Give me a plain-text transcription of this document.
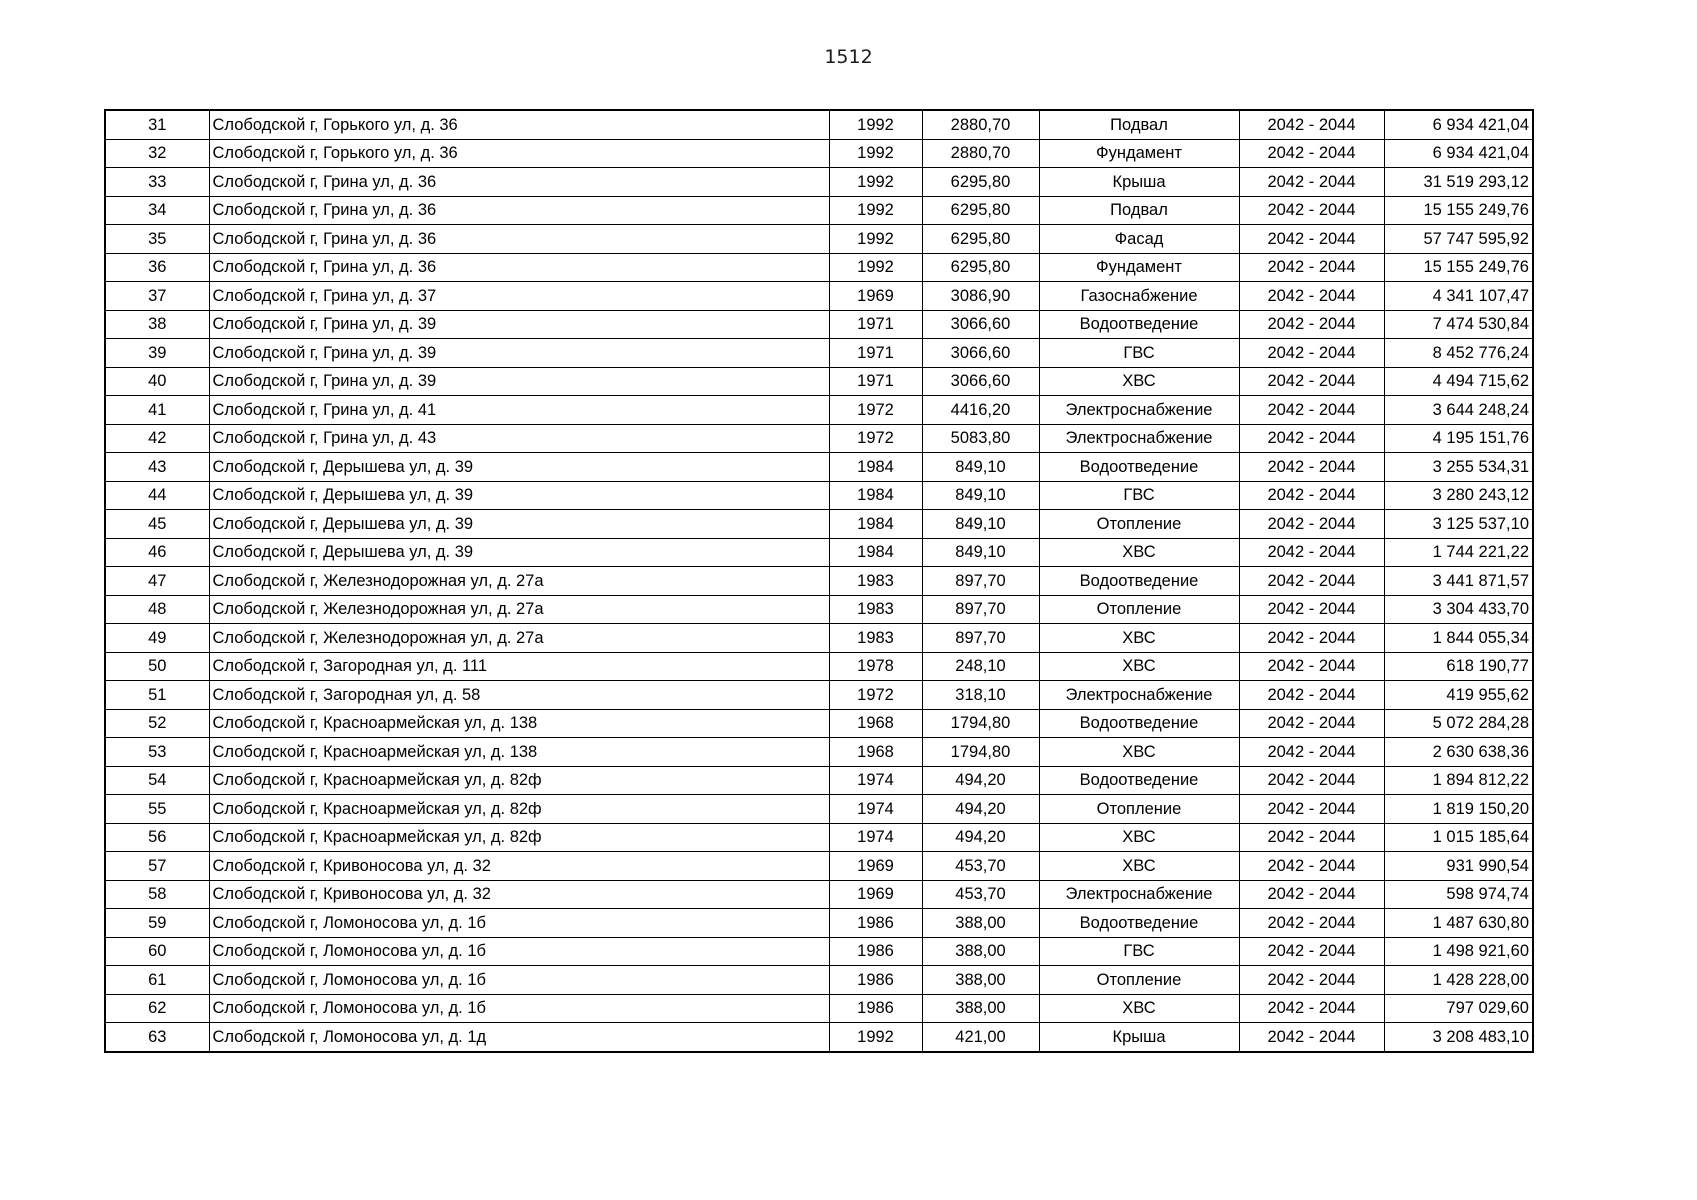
1512
31	Слободской г, Горького ул, д. 36	1992	2880,70	Подвал	2042 - 2044	6 934 421,04
32	Слободской г, Горького ул, д. 36	1992	2880,70	Фундамент	2042 - 2044	6 934 421,04
33	Слободской г, Грина ул, д. 36	1992	6295,80	Крыша	2042 - 2044	31 519 293,12
34	Слободской г, Грина ул, д. 36	1992	6295,80	Подвал	2042 - 2044	15 155 249,76
35	Слободской г, Грина ул, д. 36	1992	6295,80	Фасад	2042 - 2044	57 747 595,92
36	Слободской г, Грина ул, д. 36	1992	6295,80	Фундамент	2042 - 2044	15 155 249,76
37	Слободской г, Грина ул, д. 37	1969	3086,90	Газоснабжение	2042 - 2044	4 341 107,47
38	Слободской г, Грина ул, д. 39	1971	3066,60	Водоотведение	2042 - 2044	7 474 530,84
39	Слободской г, Грина ул, д. 39	1971	3066,60	ГВС	2042 - 2044	8 452 776,24
40	Слободской г, Грина ул, д. 39	1971	3066,60	ХВС	2042 - 2044	4 494 715,62
41	Слободской г, Грина ул, д. 41	1972	4416,20	Электроснабжение	2042 - 2044	3 644 248,24
42	Слободской г, Грина ул, д. 43	1972	5083,80	Электроснабжение	2042 - 2044	4 195 151,76
43	Слободской г, Дерышева ул, д. 39	1984	849,10	Водоотведение	2042 - 2044	3 255 534,31
44	Слободской г, Дерышева ул, д. 39	1984	849,10	ГВС	2042 - 2044	3 280 243,12
45	Слободской г, Дерышева ул, д. 39	1984	849,10	Отопление	2042 - 2044	3 125 537,10
46	Слободской г, Дерышева ул, д. 39	1984	849,10	ХВС	2042 - 2044	1 744 221,22
47	Слободской г, Железнодорожная ул, д. 27а	1983	897,70	Водоотведение	2042 - 2044	3 441 871,57
48	Слободской г, Железнодорожная ул, д. 27а	1983	897,70	Отопление	2042 - 2044	3 304 433,70
49	Слободской г, Железнодорожная ул, д. 27а	1983	897,70	ХВС	2042 - 2044	1 844 055,34
50	Слободской г, Загородная ул, д. 111	1978	248,10	ХВС	2042 - 2044	618 190,77
51	Слободской г, Загородная ул, д. 58	1972	318,10	Электроснабжение	2042 - 2044	419 955,62
52	Слободской г, Красноармейская ул, д. 138	1968	1794,80	Водоотведение	2042 - 2044	5 072 284,28
53	Слободской г, Красноармейская ул, д. 138	1968	1794,80	ХВС	2042 - 2044	2 630 638,36
54	Слободской г, Красноармейская ул, д. 82ф	1974	494,20	Водоотведение	2042 - 2044	1 894 812,22
55	Слободской г, Красноармейская ул, д. 82ф	1974	494,20	Отопление	2042 - 2044	1 819 150,20
56	Слободской г, Красноармейская ул, д. 82ф	1974	494,20	ХВС	2042 - 2044	1 015 185,64
57	Слободской г, Кривоносова ул, д. 32	1969	453,70	ХВС	2042 - 2044	931 990,54
58	Слободской г, Кривоносова ул, д. 32	1969	453,70	Электроснабжение	2042 - 2044	598 974,74
59	Слободской г, Ломоносова ул, д. 1б	1986	388,00	Водоотведение	2042 - 2044	1 487 630,80
60	Слободской г, Ломоносова ул, д. 1б	1986	388,00	ГВС	2042 - 2044	1 498 921,60
61	Слободской г, Ломоносова ул, д. 1б	1986	388,00	Отопление	2042 - 2044	1 428 228,00
62	Слободской г, Ломоносова ул, д. 1б	1986	388,00	ХВС	2042 - 2044	797 029,60
63	Слободской г, Ломоносова ул, д. 1д	1992	421,00	Крыша	2042 - 2044	3 208 483,10
